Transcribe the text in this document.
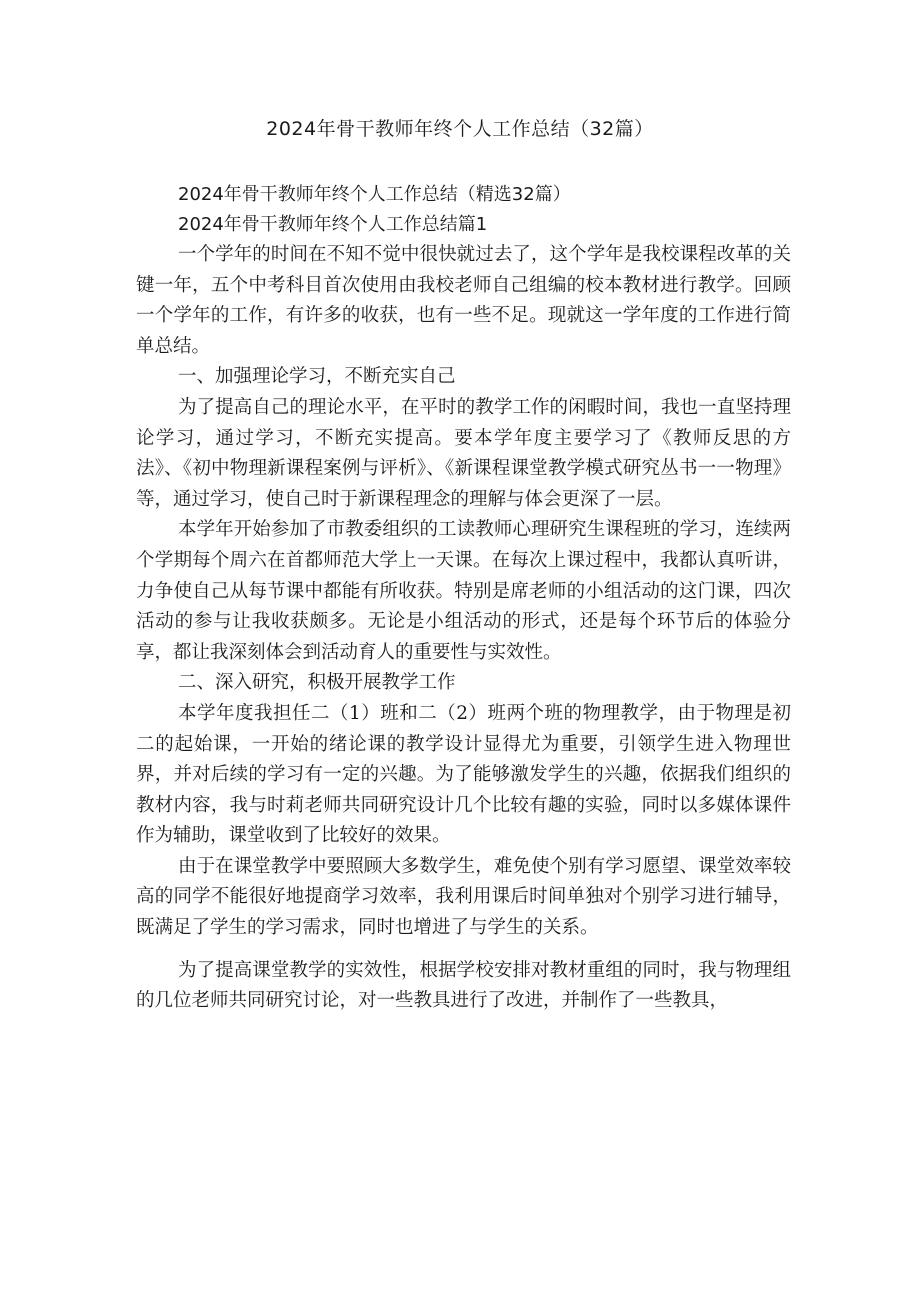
2024年骨干教师年终个人工作总结（32篇）
2024年骨干教师年终个人工作总结（精选32篇）
2024年骨干教师年终个人工作总结篇1

一个学年的时间在不知不觉中很快就过去了，这个学年是我校课程改革的关键一年，五个中考科目首次使用由我校老师自己组编的校本教材进行教学。回顾一个学年的工作，有许多的收获，也有一些不足。现就这一学年度的工作进行简单总结。

一、加强理论学习，不断充实自己

为了提高自己的理论水平，在平时的教学工作的闲暇时间，我也一直坚持理论学习，通过学习，不断充实提高。要本学年度主要学习了《教师反思的方法》、《初中物理新课程案例与评析》、《新课程课堂教学模式研究丛书一一物理》等，通过学习，使自己时于新课程理念的理解与体会更深了一层。

本学年开始参加了市教委组织的工读教师心理研究生课程班的学习，连续两个学期每个周六在首都师范大学上一天课。在每次上课过程中，我都认真听讲，力争使自己从每节课中都能有所收获。特别是席老师的小组活动的这门课，四次活动的参与让我收获颇多。无论是小组活动的形式，还是每个环节后的体验分享，都让我深刻体会到活动育人的重要性与实效性。

二、深入研究，积极开展教学工作

本学年度我担任二（1）班和二（2）班两个班的物理教学，由于物理是初二的起始课，一开始的绪论课的教学设计显得尤为重要，引领学生进入物理世界，并对后续的学习有一定的兴趣。为了能够激发学生的兴趣，依据我们组织的教材内容，我与时莉老师共同研究设计几个比较有趣的实验，同时以多媒体课件作为辅助，课堂收到了比较好的效果。

由于在课堂教学中要照顾大多数学生，难免使个别有学习愿望、课堂效率较高的同学不能很好地提商学习效率，我利用课后时间单独对个别学习进行辅导，既满足了学生的学习需求，同时也增进了与学生的关系。

为了提高课堂教学的实效性，根据学校安排对教材重组的同时，我与物理组的几位老师共同研究讨论，对一些教具进行了改进，并制作了一些教具，
